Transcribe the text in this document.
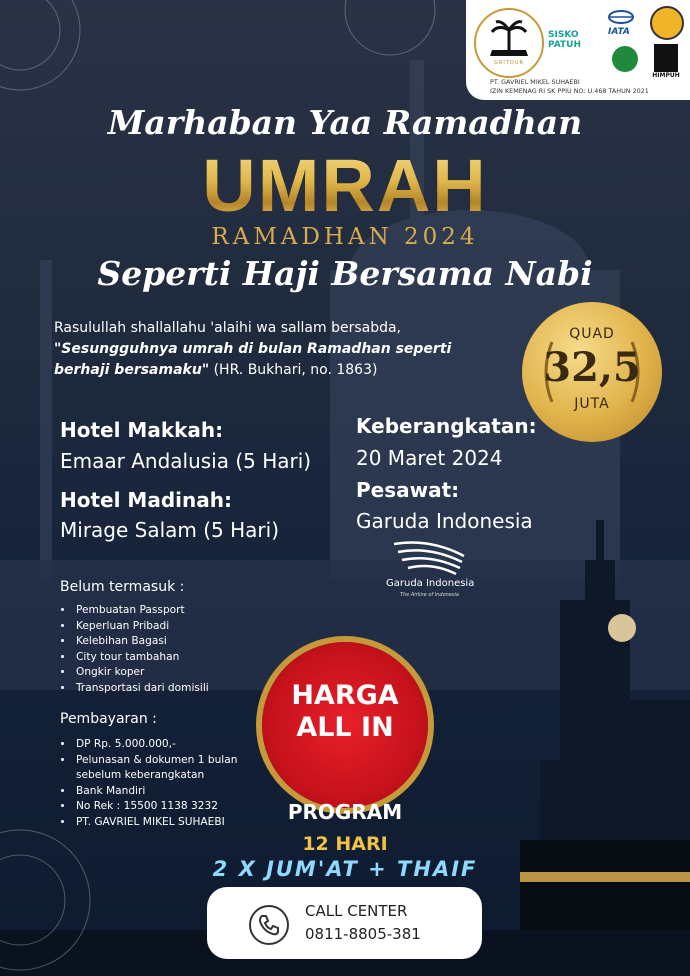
GRITOUR
SISKO
PATUH
IATA
HIMPUH
PT. GAVRIEL MIKEL SUHAEBI
IZIN KEMENAG RI SK PPIU NO: U.468 TAHUN 2021
Marhaban Yaa Ramadhan
UMRAH
RAMADHAN 2024
Seperti Haji Bersama Nabi
Rasulullah shallallahu 'alaihi wa sallam bersabda,
"Sesungguhnya umrah di bulan Ramadhan seperti berhaji bersamaku" (HR. Bukhari, no. 1863)
QUAD
32,5
JUTA
Hotel Makkah:
Emaar Andalusia (5 Hari)
Hotel Madinah:
Mirage Salam (5 Hari)
Keberangkatan:
20 Maret 2024
Pesawat:
Garuda Indonesia
Garuda Indonesia
The Airline of Indonesia
Belum termasuk :
• Pembuatan Passport
• Keperluan Pribadi
• Kelebihan Bagasi
• City tour tambahan
• Ongkir koper
• Transportasi dari domisili
Pembayaran :
• DP Rp. 5.000.000,-
• Pelunasan & dokumen 1 bulan sebelum keberangkatan
• Bank Mandiri
• No Rek : 15500 1138 3232
• PT. GAVRIEL MIKEL SUHAEBI
HARGA
ALL IN
PROGRAM
12 HARI
2 X JUM'AT + THAIF
CALL CENTER
0811-8805-381
